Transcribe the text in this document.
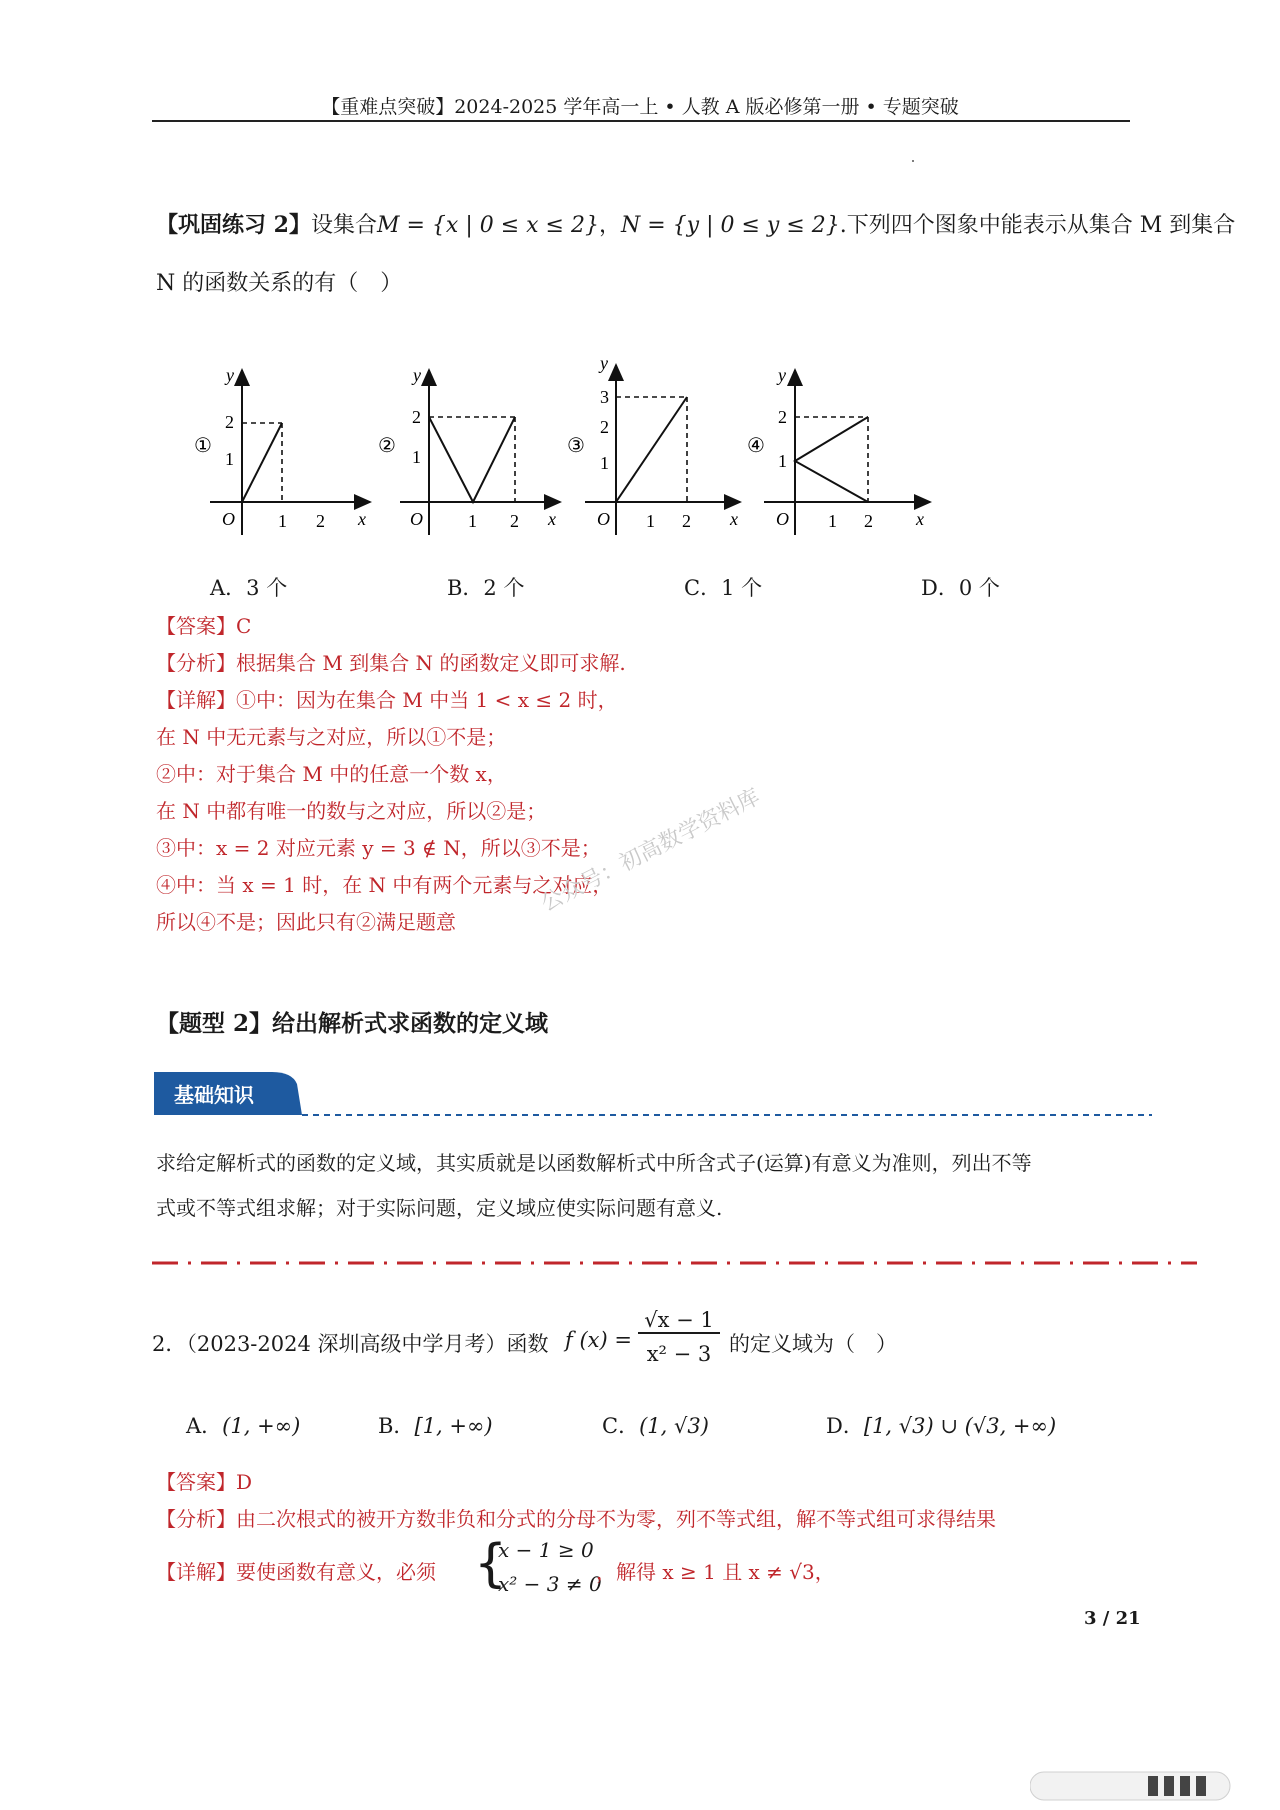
【重难点突破】2024-2025 学年高一上 • 人教 A 版必修第一册 • 专题突破
【巩固练习 2】设集合M = {x | 0 ≤ x ≤ 2}，N = {y | 0 ≤ y ≤ 2}.下列四个图象中能表示从集合 M 到集合
N 的函数关系的有（　）
①
y
2
1
O 1 2 x
②
y
2
1
O	1 2 x
③
y
3
2
1
O 1 2 x
④
y
2
1
O 1 2 x
A．3 个	B．2 个	C．1 个	D．0 个
【答案】C
【分析】根据集合 M 到集合 N 的函数定义即可求解.
【详解】①中：因为在集合 M 中当 1 < x ≤ 2 时，
在 N 中无元素与之对应，所以①不是；
②中：对于集合 M 中的任意一个数 x，
在 N 中都有唯一的数与之对应，所以②是；
③中：x = 2 对应元素 y = 3 ∉ N，所以③不是；
④中：当 x = 1 时，在 N 中有两个元素与之对应，
所以④不是；因此只有②满足题意
公众号：初高数学资料库
【题型 2】给出解析式求函数的定义域
基础知识
求给定解析式的函数的定义域，其实质就是以函数解析式中所含式子(运算)有意义为准则，列出不等
式或不等式组求解；对于实际问题，定义域应使实际问题有意义.
2．（2023-2024 深圳高级中学月考）函数 f (x) =
√x − 1
x² − 3 的定义域为（　）
A．(1, +∞)	B．[1, +∞)	C．(1, √3)	D．[1, √3) ∪ (√3, +∞)
【答案】D
【分析】由二次根式的被开方数非负和分式的分母不为零，列不等式组，解不等式组可求得结果
【详解】要使函数有意义，必须 {
x − 1 ≥ 0
x² − 3 ≠ 0
，解得 x ≥ 1 且 x ≠ √3，
3 / 21
